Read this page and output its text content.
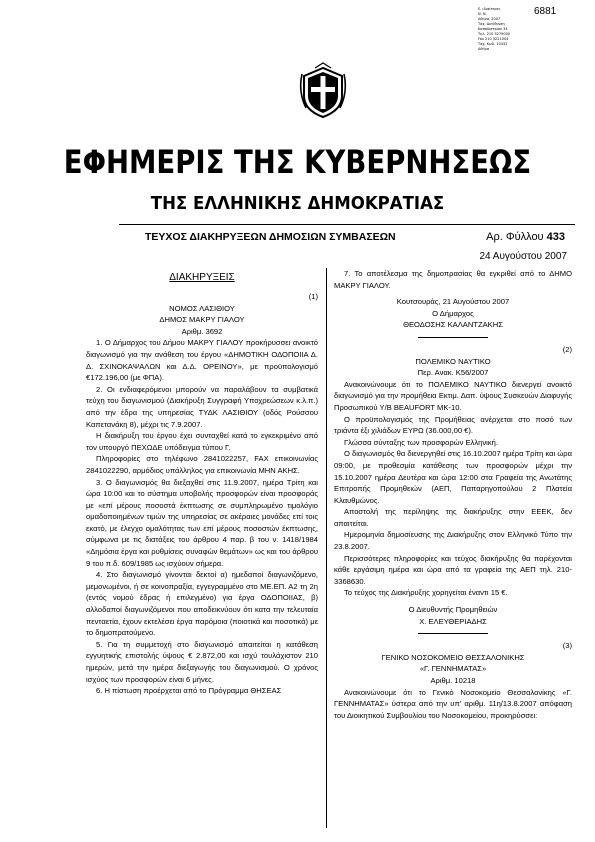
Ε. ιδιαίτερες
Ν. Ν.
Αθηνα, 2007
Ταχ. Διεύθυνση
Καποδιστριου 34
Τηλ. 210 5279000
Fax 210 5221004
Ταχ. Κωδ. 10432
Αθήνα
6881
ΕΦΗΜΕΡΙΣ ΤΗΣ ΚΥΒΕΡΝΗΣΕΩΣ
ΤΗΣ ΕΛΛΗΝΙΚΗΣ ΔΗΜΟΚΡΑΤΙΑΣ
ΤΕΥΧΟΣ ΔΙΑΚΗΡΥΞΕΩΝ ΔΗΜΟΣΙΩΝ ΣΥΜΒΑΣΕΩΝ	Αρ. Φύλλου 433
24 Αυγούστου 2007
ΔΙΑΚΗΡΥΞΕΙΣ

(1)

ΝΟΜΟΣ ΛΑΣΙΘΙΟΥ

ΔΗΜΟΣ ΜΑΚΡΥ ΓΙΑΛΟΥ

Αριθμ. 3692

1. Ο Δήμαρχος του Δήμου ΜΑΚΡΥ ΓΙΑΛΟΥ προκήρυσσει ανοικτό διαγωνισμό για την ανάθεση του έργου «ΔΗΜΟΤΙΚΗ ΟΔΟΠΟΙΙΑ Δ. Δ. ΣΧΙΝΟΚΑΨΑΛΩΝ και Δ.Δ. ΟΡΕΙΝΟΥ», με προϋπολογισμό €172.196,00 (με ΦΠΑ).

2. Οι ενδιαφερόμενοι μπορούν να παραλάβουν τα συμβατικά τεύχη του διαγωνισμού (Διακήρυξη Συγγραφή Υποχρεώσεων κ.λ.π.) από την έδρα της υπηρεσίας ΤΥΔΚ ΛΑΣΙΘΙΟΥ (οδός Ρούσσου Καπετανάκη 8), μέχρι τις 7.9.2007.

Η διακήρυξη του έργου έχει συνταχθεί κατά το εγκεκριμένο από τον υπουργό ΠΕΧΩΔΕ υπόδειγμα τύπου Γ.

Πληροφορίες στο τηλέφωνο 2841022257, FAX επικοινωνίας 2841022290, αρμόδιος υπάλληλος για επικοινωνία ΜΗΝ ΑΚΗΣ.

3. Ο διαγωνισμός θα διεξαχθεί στις 11.9.2007, ημέρα Τρίτη και ώρα 10:00 και το σύστημα υποβολής προσφορών είναι προσφοράς με «επί μέρους ποσοστά έκπτωσης σε συμπληρωμένο τιμολόγιο ομαδοποιημένων τιμών της υπηρεσίας σε ακέραιες μονάδες επί τοις εκατό, με έλεγχο ομαλότητας των επί μέρους ποσοστών έκπτωσης, σύμφωνα με τις διατάξεις του άρθρου 4 παρ. β του ν. 1418/1984 «Δημόσια έργα και ρυθμίσεις συναφών θεμάτων» ως και του άρθρου 9 του π.δ. 609/1985 ως ισχύουν σήμερα.

4. Στο διαγωνισμό γίνονται δεκτοί α) ημεδαποί διαγωνιζόμενο, μεμονωμένοι, ή σε κοινοπραξία, εγγεγραμμένο στο ΜΕ.ΕΠ. Α2 τη 2η (εντός νομού έδρας ή επιλεγμένο) για έργα ΟΔΟΠΟΙΙΑΣ, β) αλλοδαποί διαγωνιζόμενοι που αποδεικνύουν ότι κατα την τελευταία πενταετία, έχουν εκτελέσει έργα παρόμοια (ποιοτικά και ποσοτικά) με το δημοπρατούμενο.

5. Για τη συμμετοχή στο διαγωνισμό απαιτείται η κατάθεση εγγυητικής επιστολής ύψους € 2.872,00 και ισχύ τουλάχιστον 210 ημερών, μετά την ημέρα διεξαγωγής του διαγωνισμού. Ο χρόνος ισχύος των προσφορών είναι 6 μήνες.

6. Η πίστωση προέρχεται από το Πρόγραμμα ΘΗΣΕΑΣ

7. Το αποτέλεσμα της δημοπρασίας θα εγκριθεί από το ΔΗΜΟ ΜΑΚΡΥ ΓΙΑΛΟΥ.

Κουτσουράς, 21 Αυγούστου 2007

Ο Δήμαρχος

ΘΕΟΔΟΣΗΣ ΚΑΛΑΝΤΖΑΚΗΣ

(2)

ΠΟΛΕΜΙΚΟ ΝΑΥΤΙΚΟ

Περ. Ανακ. Κ56/2007

Ανακοινώνουμε ότι το ΠΟΛΕΜΙΚΟ ΝΑΥΤΙΚΟ διενεργεί ανοικτό διαγωνισμό για την προμήθεια Εκτιμ. Δαπ. ύψους Συσκευών Διαφυγής Προσωπικού Υ/Β BEAUFORT MK-10.

Ο προϋπολογισμός της Προμήθειας ανέρχεται στο ποσό των τριάντα έξι χιλιάδων ΕΥΡΩ (36.000,00 €).

Γλώσσα σύνταξης των προσφορών Ελληνική.

Ο διαγωνισμός θα διενεργηθεί στις 16.10.2007 ημέρα Τρίτη και ώρα 09:00, με προθεσμία κατάθεσης των προσφορών μέχρι την 15.10.2007 ημέρα Δευτέρα και ώρα 12:00 στα Γραφεία της Ανωτάτης Επιτροπής Προμηθειών (ΑΕΠ, Παπαρηγοπούλου 2 Πλατεία Κλαυθμώνος.

Αποστολή της περίληψης της διακήρυξης στην ΕΕΕΚ, δεν απαιτείται.

Ημερομηνία δημοσίευσης της Διακήρυξης στον Ελληνικό Τύπο την 23.8.2007.

Περισσότερες πληροφορίες και τεύχος διακήρυξης θα παρέχονται κάθε εργάσιμη ημέρα και ώρα από τα γραφεία της ΑΕΠ τηλ. 210-3368630.

Το τεύχος της Διακήρυξης χορηγείται έναντι 15 €.

Ο Διευθυντής Προμηθειών

Χ. ΕΛΕΥΘΕΡΙΑΔΗΣ

(3)

ΓΕΝΙΚΟ ΝΟΣΟΚΟΜΕΙΟ ΘΕΣΣΑΛΟΝΙΚΗΣ

«Γ. ΓΕΝΝΗΜΑΤΑΣ»

Αριθμ. 10218

Ανακοινώνουμε ότι το Γενικό Νοσοκομείο Θεσσαλονίκης «Γ. ΓΕΝΝΗΜΑΤΑΣ» ύστερα από την υπ' αριθμ. 11η/13.8.2007 απόφαση του Διοικητικού Συμβουλίου του Νοσοκομείου, προκηρύσσει:
